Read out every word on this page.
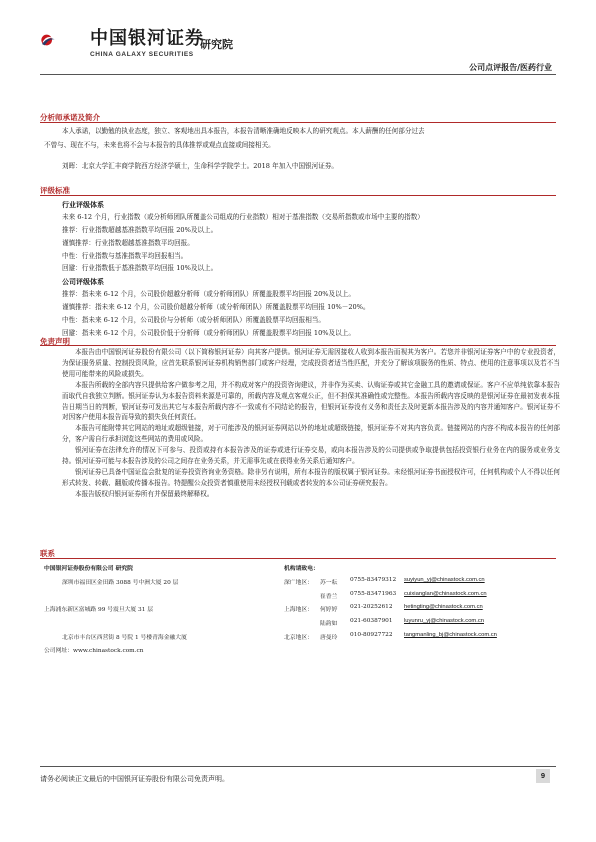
中国银河证券
CHINA GALAXY SECURITIES
研究院
公司点评报告/医药行业
分析师承诺及简介
本人承诺，以勤勉的执业态度，独立、客观地出具本报告，本报告清晰准确地反映本人的研究观点。本人薪酬的任何部分过去
不曾与、现在不与，未来也将不会与本报告的具体推荐或观点直接或间接相关。
刘晖：北京大学汇丰商学院西方经济学硕士，生命科学学院学士。2018 年加入中国银河证券。
评级标准
行业评级体系
未来 6-12 个月，行业指数（或分析师团队所覆盖公司组成的行业指数）相对于基准指数（交易所指数或市场中主要的指数）
推荐：行业指数超越基准指数平均回报 20%及以上。
谨慎推荐：行业指数超越基准指数平均回报。
中性：行业指数与基准指数平均回报相当。
回避：行业指数低于基准指数平均回报 10%及以上。
公司评级体系
推荐：指未来 6-12 个月，公司股价超越分析师（或分析师团队）所覆盖股票平均回报 20%及以上。
谨慎推荐：指未来 6-12 个月，公司股价超越分析师（或分析师团队）所覆盖股票平均回报 10%－20%。
中性：指未来 6-12 个月，公司股价与分析师（或分析师团队）所覆盖股票平均回报相当。
回避：指未来 6-12 个月，公司股价低于分析师（或分析师团队）所覆盖股票平均回报 10%及以上。
免责声明

本报告由中国银河证券股份有限公司（以下简称银河证券）向其客户提供。银河证券无需因接收人收到本报告而视其为客户。若您并非银河证券客户中的专业投资者，为保证服务质量、控制投资风险，应首先联系银河证券机构销售部门或客户经理，完成投资者适当性匹配，并充分了解该项服务的性质、特点、使用的注意事项以及若不当使用可能带来的风险或损失。

本报告所载的全部内容只提供给客户做参考之用，并不构成对客户的投资咨询建议，并非作为买卖、认购证券或其它金融工具的邀请或保证。客户不应单纯依靠本报告而取代自我独立判断。银河证券认为本报告资料来源是可靠的，所载内容及观点客观公正，但不担保其准确性或完整性。本报告所载内容反映的是银河证券在最初发表本报告日期当日的判断，银河证券可发出其它与本报告所载内容不一致或有不同结论的报告，但银河证券没有义务和责任去及时更新本报告涉及的内容并通知客户。银河证券不对因客户使用本报告而导致的损失负任何责任。

本报告可能附带其它网站的地址或超级链接，对于可能涉及的银河证券网站以外的地址或超级链接，银河证券不对其内容负责。链接网站的内容不构成本报告的任何部分，客户需自行承担浏览这些网站的费用或风险。

银河证券在法律允许的情况下可参与、投资或持有本报告涉及的证券或进行证券交易，或向本报告涉及的公司提供或争取提供包括投资银行业务在内的服务或业务支持。银河证券可能与本报告涉及的公司之间存在业务关系，并无需事先或在获得业务关系后通知客户。

银河证券已具备中国证监会批复的证券投资咨询业务资格。除非另有说明，所有本报告的版权属于银河证券。未经银河证券书面授权许可，任何机构或个人不得以任何形式转发、转载、翻版或传播本报告。特提醒公众投资者慎重使用未经授权刊载或者转发的本公司证券研究报告。

本报告版权归银河证券所有并保留最终解释权。

联系
中国银河证券股份有限公司 研究院
深圳市福田区金田路 3088 号中洲大厦 20 层
上海浦东新区富城路 99 号震旦大厦 31 层
北京市丰台区西营街 8 号院 1 号楼青海金融大厦
公司网址：www.chinastock.com.cn
机构请致电：
深广地区： 苏一耘 0755-83479312 suyiyun_yj@chinastock.com.cn
崔香兰 0755-83471963 cuixianglan@chinastock.com.cn
上海地区： 何婷婷 021-20252612 hetingting@chinastock.com.cn
陆韵如 021-60387901 luyunru_yj@chinastock.com.cn
北京地区： 唐曼玲 010-80927722 tangmanling_bj@chinastock.com.cn
请务必阅读正文最后的中国银河证券股份有限公司免责声明。	9
